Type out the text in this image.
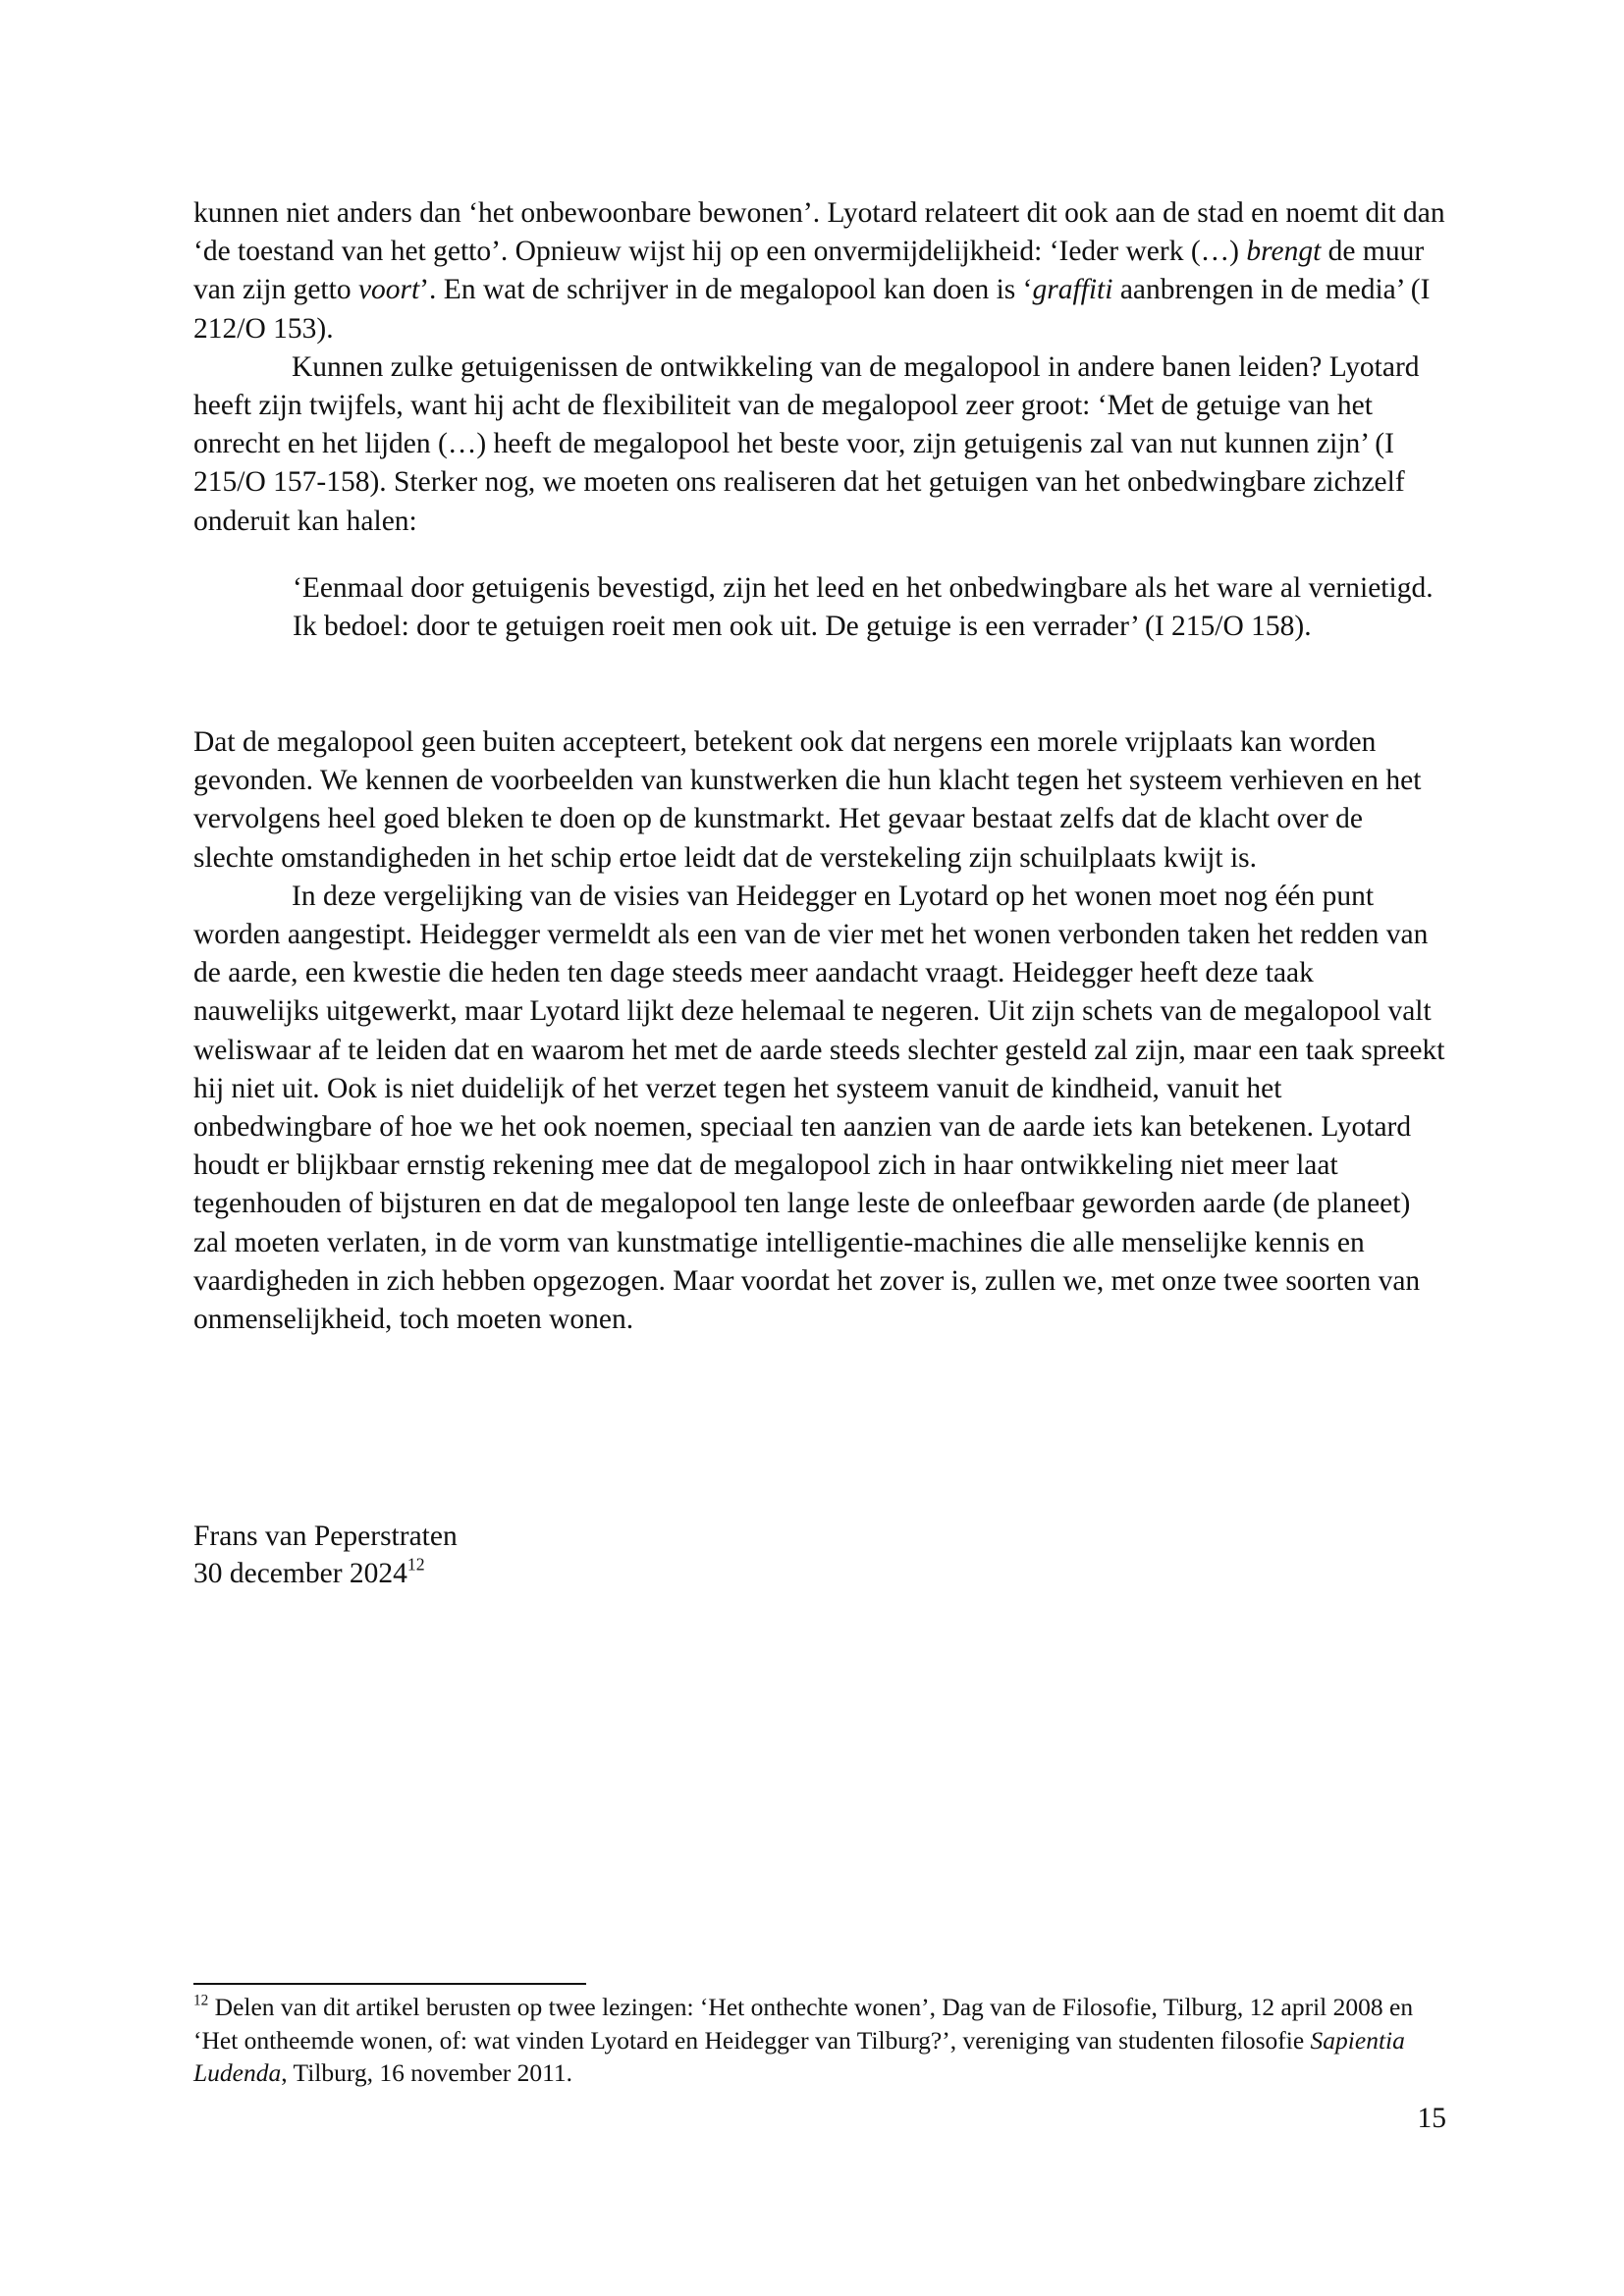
kunnen niet anders dan ‘het onbewoonbare bewonen’. Lyotard relateert dit ook aan de stad en noemt dit dan ‘de toestand van het getto’. Opnieuw wijst hij op een onvermijdelijkheid: ‘Ieder werk (…) brengt de muur van zijn getto voort’. En wat de schrijver in de megalopool kan doen is ‘graffiti aanbrengen in de media’ (I 212/O 153).

Kunnen zulke getuigenissen de ontwikkeling van de megalopool in andere banen leiden? Lyotard heeft zijn twijfels, want hij acht de flexibiliteit van de megalopool zeer groot: ‘Met de getuige van het onrecht en het lijden (…) heeft de megalopool het beste voor, zijn getuigenis zal van nut kunnen zijn’ (I 215/O 157-158). Sterker nog, we moeten ons realiseren dat het getuigen van het onbedwingbare zichzelf onderuit kan halen:

‘Eenmaal door getuigenis bevestigd, zijn het leed en het onbedwingbare als het ware al vernietigd. Ik bedoel: door te getuigen roeit men ook uit. De getuige is een verrader’ (I 215/O 158).

Dat de megalopool geen buiten accepteert, betekent ook dat nergens een morele vrijplaats kan worden gevonden. We kennen de voorbeelden van kunstwerken die hun klacht tegen het systeem verhieven en het vervolgens heel goed bleken te doen op de kunstmarkt. Het gevaar bestaat zelfs dat de klacht over de slechte omstandigheden in het schip ertoe leidt dat de verstekeling zijn schuilplaats kwijt is.

In deze vergelijking van de visies van Heidegger en Lyotard op het wonen moet nog één punt worden aangestipt. Heidegger vermeldt als een van de vier met het wonen verbonden taken het redden van de aarde, een kwestie die heden ten dage steeds meer aandacht vraagt. Heidegger heeft deze taak nauwelijks uitgewerkt, maar Lyotard lijkt deze helemaal te negeren. Uit zijn schets van de megalopool valt weliswaar af te leiden dat en waarom het met de aarde steeds slechter gesteld zal zijn, maar een taak spreekt hij niet uit. Ook is niet duidelijk of het verzet tegen het systeem vanuit de kindheid, vanuit het onbedwingbare of hoe we het ook noemen, speciaal ten aanzien van de aarde iets kan betekenen. Lyotard houdt er blijkbaar ernstig rekening mee dat de megalopool zich in haar ontwikkeling niet meer laat tegenhouden of bijsturen en dat de megalopool ten lange leste de onleefbaar geworden aarde (de planeet) zal moeten verlaten, in de vorm van kunstmatige intelligentie-machines die alle menselijke kennis en vaardigheden in zich hebben opgezogen. Maar voordat het zover is, zullen we, met onze twee soorten van onmenselijkheid, toch moeten wonen.

Frans van Peperstraten
30 december 2024$^{12}$

$^{12}$ Delen van dit artikel berusten op twee lezingen: ‘Het onthechte wonen’, Dag van de Filosofie, Tilburg, 12 april 2008 en ‘Het ontheemde wonen, of: wat vinden Lyotard en Heidegger van Tilburg?’, vereniging van studenten filosofie Sapientia Ludenda, Tilburg, 16 november 2011.

15
